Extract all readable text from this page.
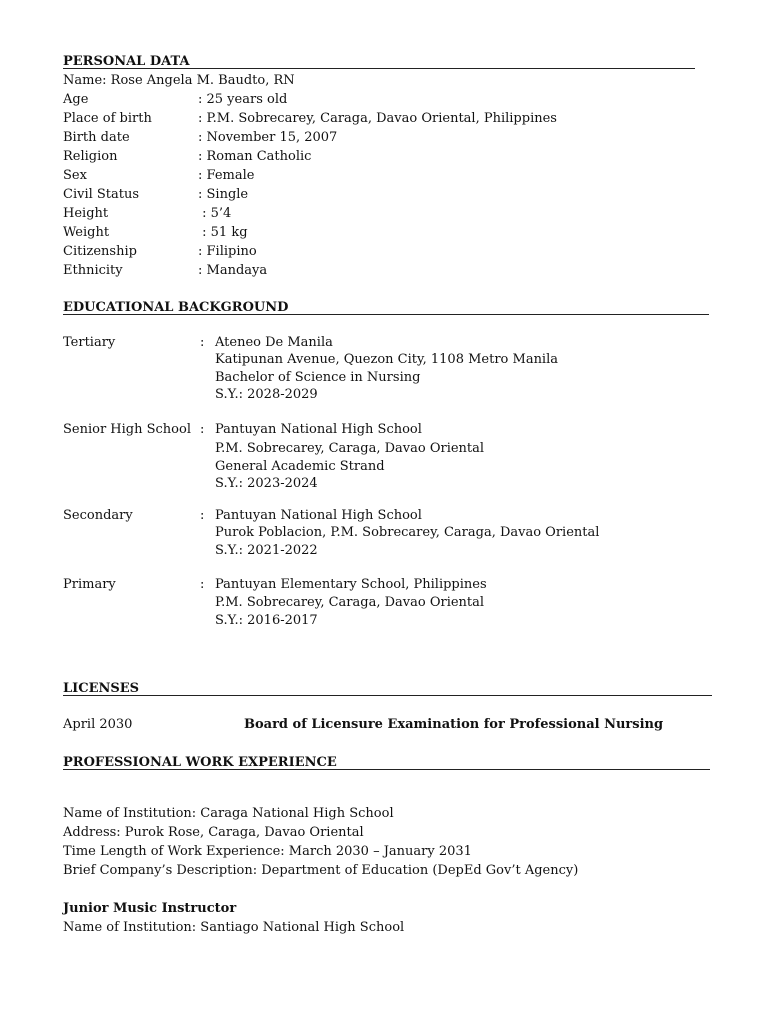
PERSONAL DATA
Name: Rose Angela M. Baudto, RN
Age	: 25 years old
Place of birth	: P.M. Sobrecarey, Caraga, Davao Oriental, Philippines
Birth date	: November 15, 2007
Religion	: Roman Catholic
Sex	: Female
Civil Status	: Single
Height	: 5’4
Weight	: 51 kg
Citizenship	: Filipino
Ethnicity	: Mandaya
EDUCATIONAL BACKGROUND
Tertiary	: Ateneo De Manila
Katipunan Avenue, Quezon City, 1108 Metro Manila
Bachelor of Science in Nursing
S.Y.: 2028-2029
Senior High School : Pantuyan National High School
P.M. Sobrecarey, Caraga, Davao Oriental
General Academic Strand
S.Y.: 2023-2024
Secondary	: Pantuyan National High School
Purok Poblacion, P.M. Sobrecarey, Caraga, Davao Oriental
S.Y.: 2021-2022
Primary	: Pantuyan Elementary School, Philippines
P.M. Sobrecarey, Caraga, Davao Oriental
S.Y.: 2016-2017
LICENSES
April 2030	Board of Licensure Examination for Professional Nursing
PROFESSIONAL WORK EXPERIENCE
Name of Institution: Caraga National High School
Address: Purok Rose, Caraga, Davao Oriental
Time Length of Work Experience: March 2030 – January 2031
Brief Company’s Description: Department of Education (DepEd Gov’t Agency)
Junior Music Instructor
Name of Institution: Santiago National High School
